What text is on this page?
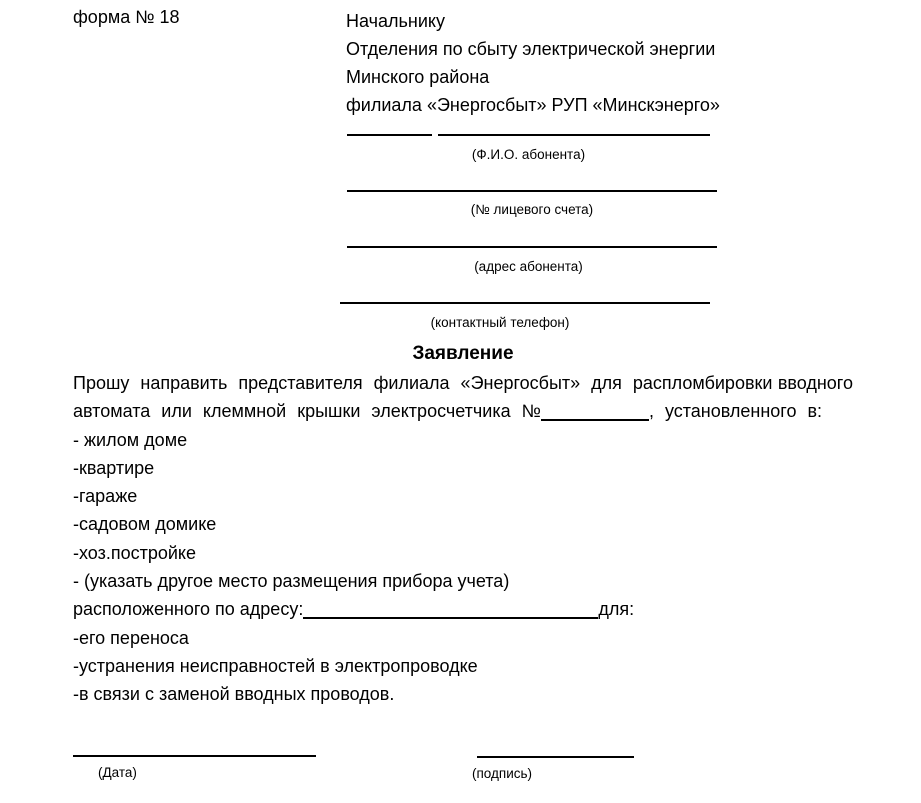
форма № 18	Начальнику
Отделения по сбыту электрической энергии
Минского района
филиала «Энергосбыт» РУП «Минскэнерго»
(Ф.И.О. абонента)
(№ лицевого счета)
(адрес абонента)
(контактный телефон)
Заявление
Прошу направить представителя филиала «Энергосбыт» для распломбировки вводного
автомата или клеммной крышки электросчетчика №	, установленного в:
- жилом доме
-квартире
-гараже
-садовом домике
-хоз.постройке
- (указать другое место размещения прибора учета)
расположенного по адресу:	для:
-его переноса
-устранения неисправностей в электропроводке
-в связи с заменой вводных проводов.
(Дата)	(подпись)
